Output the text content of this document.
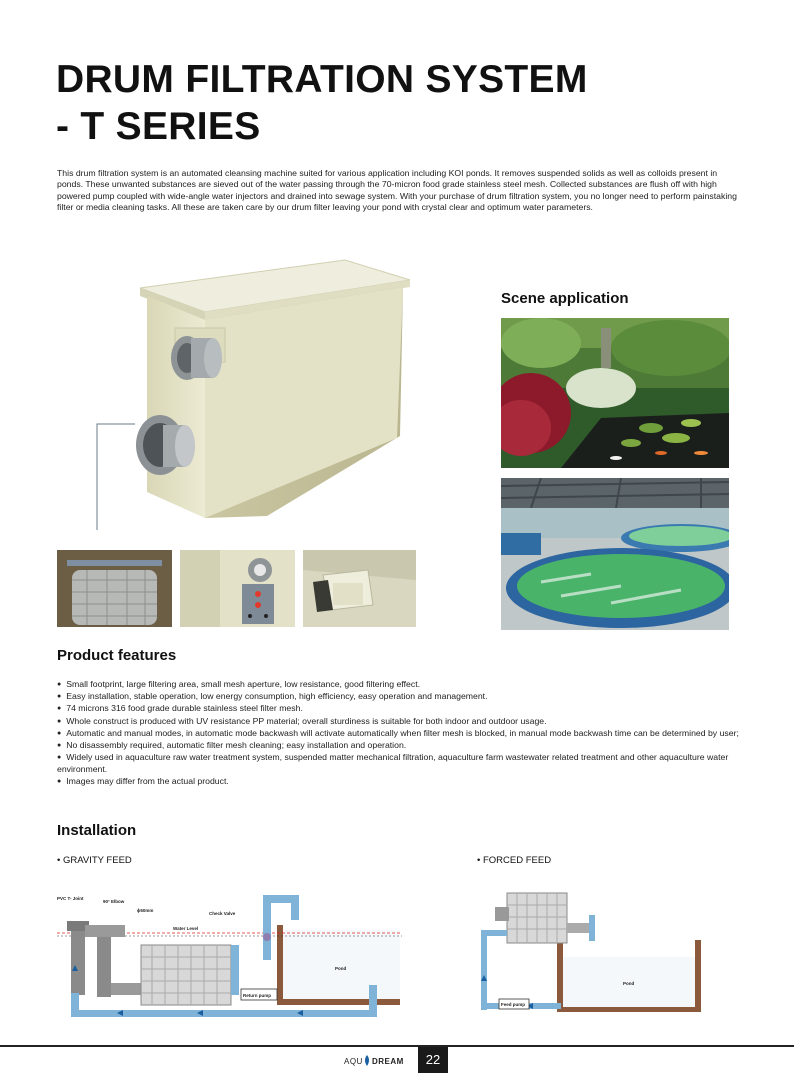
DRUM FILTRATION SYSTEM
- T SERIES

This drum filtration system is an automated cleansing machine suited for various application including KOI ponds. It removes suspended solids as well as colloids present in ponds. These unwanted substances are sieved out of the water passing through the 70-micron food grade stainless steel mesh. Collected substances are flush off with high powered pump coupled with wide-angle water injectors and drained into sewage system. With your purchase of drum filtration system, you no longer need to perform painstaking filter or media cleaning tasks. All these are taken care by our drum filter leaving your pond with crystal clear and optimum water parameters.

Scene application
Product features
● Small footprint, large filtering area, small mesh aperture, low resistance, good filtering effect.
● Easy installation, stable operation, low energy consumption, high efficiency, easy operation and management.
● 74 microns 316 food grade durable stainless steel filter mesh.
● Whole construct is produced with UV resistance PP material; overall sturdiness is suitable for both indoor and outdoor usage.
● Automatic and manual modes, in automatic mode backwash will activate automatically when filter mesh is blocked, in manual mode backwash time can be determined by user;
● No disassembly required, automatic filter mesh cleaning; easy installation and operation.
● Widely used in aquaculture raw water treatment system, suspended matter mechanical filtration, aquaculture farm wastewater related treatment and other aquaculture water environment.
● Images may differ from the actual product.
Installation
• GRAVITY FEED	• FORCED FEED
Return pump
PVC T- Joint
90° Elbow
ϕ50mm
Check Valve
Water Level
Pond
Feed pump
Pond
AQU DREAM	22
